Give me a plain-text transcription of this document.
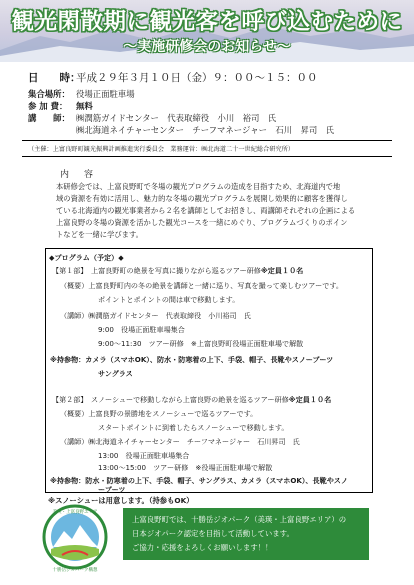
観光閑散期に観光客を呼び込むために
～実施研修会のお知らせ～
日　　時：平成２９年３月１０日（金）９：００～１５：００
集合場所： 役場正面駐車場
参 加 費： 無料
講　　師： ㈱潤筋ガイドセンター　代表取締役　小川　裕司　氏
㈱北海道ネイチャーセンター　チーフマネージャー　石川　昇司　氏
（主催：上富良野町観光振興計画推進実行委員会　業務運営：㈱北海道二十一世紀総合研究所）
内　容
本研修会では、上富良野町で冬場の観光プログラムの造成を目指すため、北海道内で地
域の資源を有効に活用し、魅力的な冬場の観光プログラムを展開し効果的に顧客を獲得し
ている北海道内の観光事業者から２名を講師としてお招きし、両講師それぞれの企画による
上富良野の冬場の資源を活かした観光コースを一緒にめぐり、プログラムづくりのポイン
トなどを一緒に学びます。
◆プログラム（予定）◆
【第１部】　上富良野町の絶景を写真に撮りながら巡るツアー研修※定員１０名
（概要）上富良野町内の冬の絶景を講師と一緒に巡り、写真を撮って楽しむツアーです。
ポイントとポイントの間は車で移動します。
（講師）㈱潤筋ガイドセンター　代表取締役　小川裕司　氏
9:00　役場正面駐車場集合
9:00～11:30　ツアー研修　※上富良野町役場正面駐車場で解散
※持参物：カメラ（スマホOK）、防水・防寒着の上下、手袋、帽子、長靴やスノーブーツ
サングラス
【第２部】　スノーシューで移動しながら上富良野の絶景を巡るツアー研修※定員１０名
（概要）上富良野の景勝地をスノーシューで巡るツアーです。
スタートポイントに到着したらスノーシューで移動します。
（講師）㈱北海道ネイチャーセンター　チーフマネージャー　石川昇司　氏
13:00　役場正面駐車場集合
13:00～15:00　ツアー研修　※役場正面駐車場で解散
※持参物：防水・防寒着の上下、手袋、帽子、サングラス、カメラ（スマホOK）、長靴やスノ
ーブーツ
※スノーシューは用意します。（持参もOK）
美瑛・上富良野エリア
十勝岳ジオパーク構想
上富良野町では、十勝岳ジオパーク（美瑛・上富良野エリア）の
日本ジオパーク認定を目指して活動しています。
ご協力・応援をよろしくお願いします！！
